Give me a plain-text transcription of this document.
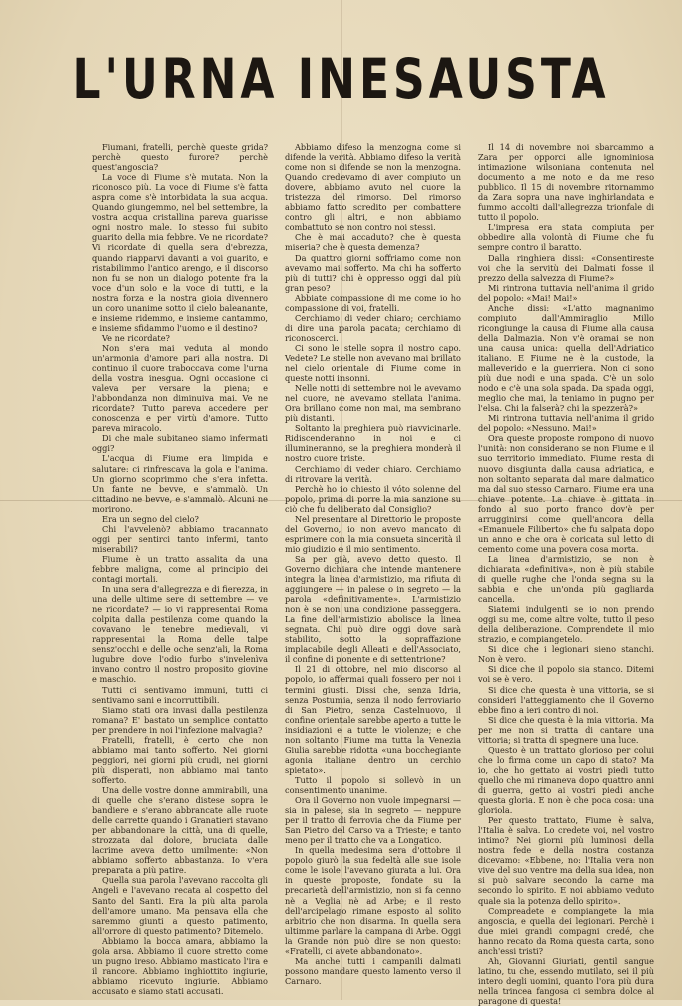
L'URNA INESAUSTA

Fiumani, fratelli, perchè queste grida? perchè questo furore? perchè quest'angoscia?

La voce di Fiume s'è mutata. Non la riconosco più. La voce di Fiume s'è fatta aspra come s'è intorbidata la sua acqua. Quando giungemmo, nel bel settembre, la vostra acqua cristallina pareva guarisse ogni nostro male. Io stesso fui subito guarito della mia febbre. Ve ne ricordate? Vi ricordate di quella sera d'ebrezza, quando riapparvi davanti a voi guarito, e ristabilimmo l'antico arengo, e il discorso non fu se non un dialogo potente fra la voce d'un solo e la voce di tutti, e la nostra forza e la nostra gioia divennero un coro unanime sotto il cielo baleanante, e insieme ridemmo, e insieme cantammo, e insieme sfidammo l'uomo e il destino?

Ve ne ricordate?

Non s'era mai veduta al mondo un'armonia d'amore pari alla nostra. Di continuo il cuore traboccava come l'urna della vostra inesgua. Ogni occasione ci valeva per versare la piena; e l'abbondanza non diminuiva mai. Ve ne ricordate? Tutto pareva accedere per conoscenza e per virtù d'amore. Tutto pareva miracolo.

Di che male subitaneo siamo infermati oggi?

L'acqua di Fiume era limpida e salutare: ci rinfrescava la gola e l'anima. Un giorno scoprimmo che s'era infetta. Un fante ne bevve, e s'ammalò. Un cittadino ne bevve, e s'ammalò. Alcuni ne morirono.

Era un segno del cielo?

Chi l'avvelenò? abbiamo tracannato oggi per sentirci tanto infermi, tanto miserabili?

Fiume è un tratto assalita da una febbre maligna, come al principio dei contagi mortali.

In una sera d'allegrezza e di fierezza, in una delle ultime sere di settembre — ve ne ricordate? — io vi rappresentai Roma colpita dalla pestilenza come quando la covavano le tenebre medievali, vi rappresentai la Roma delle talpe sensz'occhi e delle oche senz'ali, la Roma lugubre dove l'odio furbo s'invelenìva invano contro il nostro proposito giovine e maschio.

Tutti ci sentivamo immuni, tutti ci sentivamo sani e incorruttibili.

Siamo stati ora invasi dalla pestilenza romana? E' bastato un semplice contatto per prendere in noi l'infezione malvagia?

Fratelli, fratelli, è certo che non abbiamo mai tanto sofferto. Nei giorni peggiori, nei giorni più crudi, nei giorni più disperati, non abbiamo mai tanto sofferto.

Una delle vostre donne ammirabili, una di quelle che s'erano distese sopra le bandiere e s'erano abbrancate alle ruote delle carrette quando i Granatieri stavano per abbandonare la città, una di quelle, strozzata dal dolore, bruciata dalle lacrime aveva detto umilmente: «Non abbiamo sofferto abbastanza. Io v'era preparata a più patire.

Quella sua parola l'avevano raccolta gli Angeli e l'avevano recata al cospetto del Santo del Santi. Era la più alta parola dell'amore umano. Ma pensava ella che saremmo giunti a questo patimento, all'orrore di questo patimento? Ditemelo.

Abbiamo la bocca amara, abbiamo la gola arsa. Abbiamo il cuore stretto come un pugno ireso. Abbiamo masticato l'ira e il rancore. Abbiamo inghiottito ingiurie, abbiamo ricevuto ingiurie. Abbiamo accusato e siamo stati accusati.

Abbiamo difeso la menzogna come si difende la verità. Abbiamo difeso la verità come non si difende se non la menzogna. Quando credevamo di aver compiuto un dovere, abbiamo avuto nel cuore la tristezza del rimorso. Del rimorso abbiamo fatto scredito per combattere contro gli altri, e non abbiamo combattuto se non contro noi stessi.

Che è mai accaduto? che è questa miseria? che è questa demenza?

Da quattro giorni soffriamo come non avevamo mai sofferto. Ma chi ha sofferto più di tutti? chi è oppresso oggi dal più gran peso?

Abbiate compassione di me come io ho compassione di voi, fratelli.

Cerchiamo di veder chiaro; cerchiamo di dire una parola pacata; cerchiamo di riconoscerci.

Ci sono le stelle sopra il nostro capo. Vedete? Le stelle non avevano mai brillato nel cielo orientale di Fiume come in queste notti insonni.

Nelle notti di settembre noi le avevamo nel cuore, ne avevamo stellata l'anima. Ora brillano come non mai, ma sembrano più distanti.

Soltanto la preghiera può riavvicinarle. Ridiscenderanno in noi e ci illumineranno, se la preghiera monderà il nostro cuore triste.

Cerchiamo di veder chiaro. Cerchiamo di ritrovare la verità.

Perchè ho io chiesto il vóto solenne del popolo, prima di porre la mia sanzione su ciò che fu deliberato dal Consiglio?

Nel presentare al Direttorio le proposte del Governo, io non avevo mancato di esprimere con la mia consueta sincerità il mio giudizio e il mio sentimento.

Sa per già, avevo detto questo. Il Governo dichiara che intende mantenere integra la linea d'armistizio, ma rifiuta di aggiungere — in palese o in segreto — la parola «definitivamente». L'armistizio non è se non una condizione passeggera. La fine dell'armistizio abolisce la linea segnata. Chi può dire oggi dove sarà stabilito, sotto la sopraffazione implacabile degli Alleati e dell'Associato, il confine di ponente e di settentrione?

Il 21 di ottobre, nel mio discorso al popolo, io affermai quali fossero per noi i termini giusti. Dissi che, senza Idria, senza Postumia, senza il nodo ferroviario di San Pietro, senza Castelnuovo, il confine orientale sarebbe aperto a tutte le insidiazioni e a tutte le violenze; e che non soltanto Fiume ma tutta la Venezia Giulia sarebbe ridotta «una bocchegiante agonia italiane dentro un cerchio spietato».

Tutto il popolo si sollevò in un consentimento unanime.

Ora il Governo non vuole impegnarsi — sia in palese, sia in segreto — neppure per il tratto di ferrovia che da Fiume per San Pietro del Carso va a Trieste; e tanto meno per il tratto che va a Longatico.

In quella medesima sera d'ottobre il popolo giurò la sua fedeltà alle sue isole come le isole l'avevano giurata a lui. Ora in queste proposte, fondate su la precarietà dell'armistizio, non si fa cenno nè a Veglia nè ad Arbe; e il resto dell'arcipelago rimane esposto al solito arbitrio che non disarma. In quella sera ultimme parlare la campana di Arbe. Oggi la Grande non può dire se non questo: «Fratelli, ci avete abbandonato».

Ma anche tutti i campanili dalmati possono mandare questo lamento verso il Carnaro.

Il 14 di novembre noi sbarcammo a Zara per opporci alle ignominiosa intimazione wilsoniana contenuta nel documento a me noto e da me reso pubblico. Il 15 di novembre ritornammo da Zara sopra una nave inghirlandata e fummo accolti dall'allegrezza trionfale di tutto il popolo.

L'impresa era stata compiuta per obbedire alla volontà di Fiume che fu sempre contro il baratto.

Dalla ringhiera dissi: «Consentireste voi che la servitù dei Dalmati fosse il prezzo della salvezza di Fiume?»

Mi rintrona tuttavia nell'anima il grido del popolo: «Mai! Mai!»

Anche dissi: «L'atto magnanimo compiuto dall'Ammiraglio Millo ricongiunge la causa di Fiume alla causa della Dalmazia. Non v'è oramai se non una causa unica: quella dell'Adriatico italiano. E Fiume ne è la custode, la malleverido e la guerriera. Non ci sono più due nodi e una spada. C'è un solo nodo e c'è una sola spada. Da spada oggi, meglio che mai, la teniamo in pugno per l'elsa. Chi la falserà? chi la spezzerà?»

Mi rintrona tuttavia nell'anima il grido del popolo: «Nessuno. Mai!»

Ora queste proposte rompono di nuovo l'unità: non considerano se non Fiume e il suo territorio immediato. Fiume resta di nuovo disgiunta dalla causa adriatica, e non soltanto separata dal mare dalmatico ma dal suo stesso Carnaro. Fiume era una chiave potente. La chiave è gittata in fondo al suo porto franco dov'è per arrugginirsi come quell'ancora della «Emanuele Filiberto» che fu salpata dopo un anno e che ora è coricata sul letto di cemento come una povera cosa morta.

La linea d'armistizio, se non è dichiarata «definitiva», non è più stabile di quelle rughe che l'onda segna su la sabbia e che un'onda più gagliarda cancella.

Siatemi indulgenti se io non prendo oggi su me, come altre volte, tutto il peso della deliberazione. Comprendete il mio strazio, e compiangetelo.

Si dice che i legionari sieno stanchi. Non è vero.

Si dice che il popolo sia stanco. Ditemi voi se è vero.

Si dice che questa è una vittoria, se si consideri l'atteggiamento che il Governo ebbe fino a ieri contro di noi.

Si dice che questa è la mia vittoria. Ma per me non si tratta di cantare una vittoria; si tratta di spegnere una luce.

Questo è un trattato glorioso per colui che lo firma come un capo di stato? Ma io, che ho gettato ai vostri piedi tutto quello che mi rimaneva dopo quattro anni di guerra, getto ai vostri piedi anche questa gloria. E non è che poca cosa: una gloriola.

Per questo trattato, Fiume è salva, l'Italia è salva. Lo credete voi, nel vostro intimo? Nei giorni più luminosi della nostra fede e della nostra costanza dicevamo: «Ebbene, no: l'Italia vera non vive del suo ventre ma della sua idea, non si può salvare secondo la carne ma secondo lo spirito. E noi abbiamo veduto quale sia la potenza dello spirito».

Compreadete e compiangete la mia angoscia, e quella dei legionari. Perchè i due miei grandi compagni credé, che hanno recato da Roma questa carta, sono anch'essi tristi?

Ah, Giovanni Giuriati, gentil sangue latino, tu che, essendo mutilato, sei il più intero degli uomini, quanto l'ora più dura nella trincea fangosa ci sembra dolce al paragone di questa!
